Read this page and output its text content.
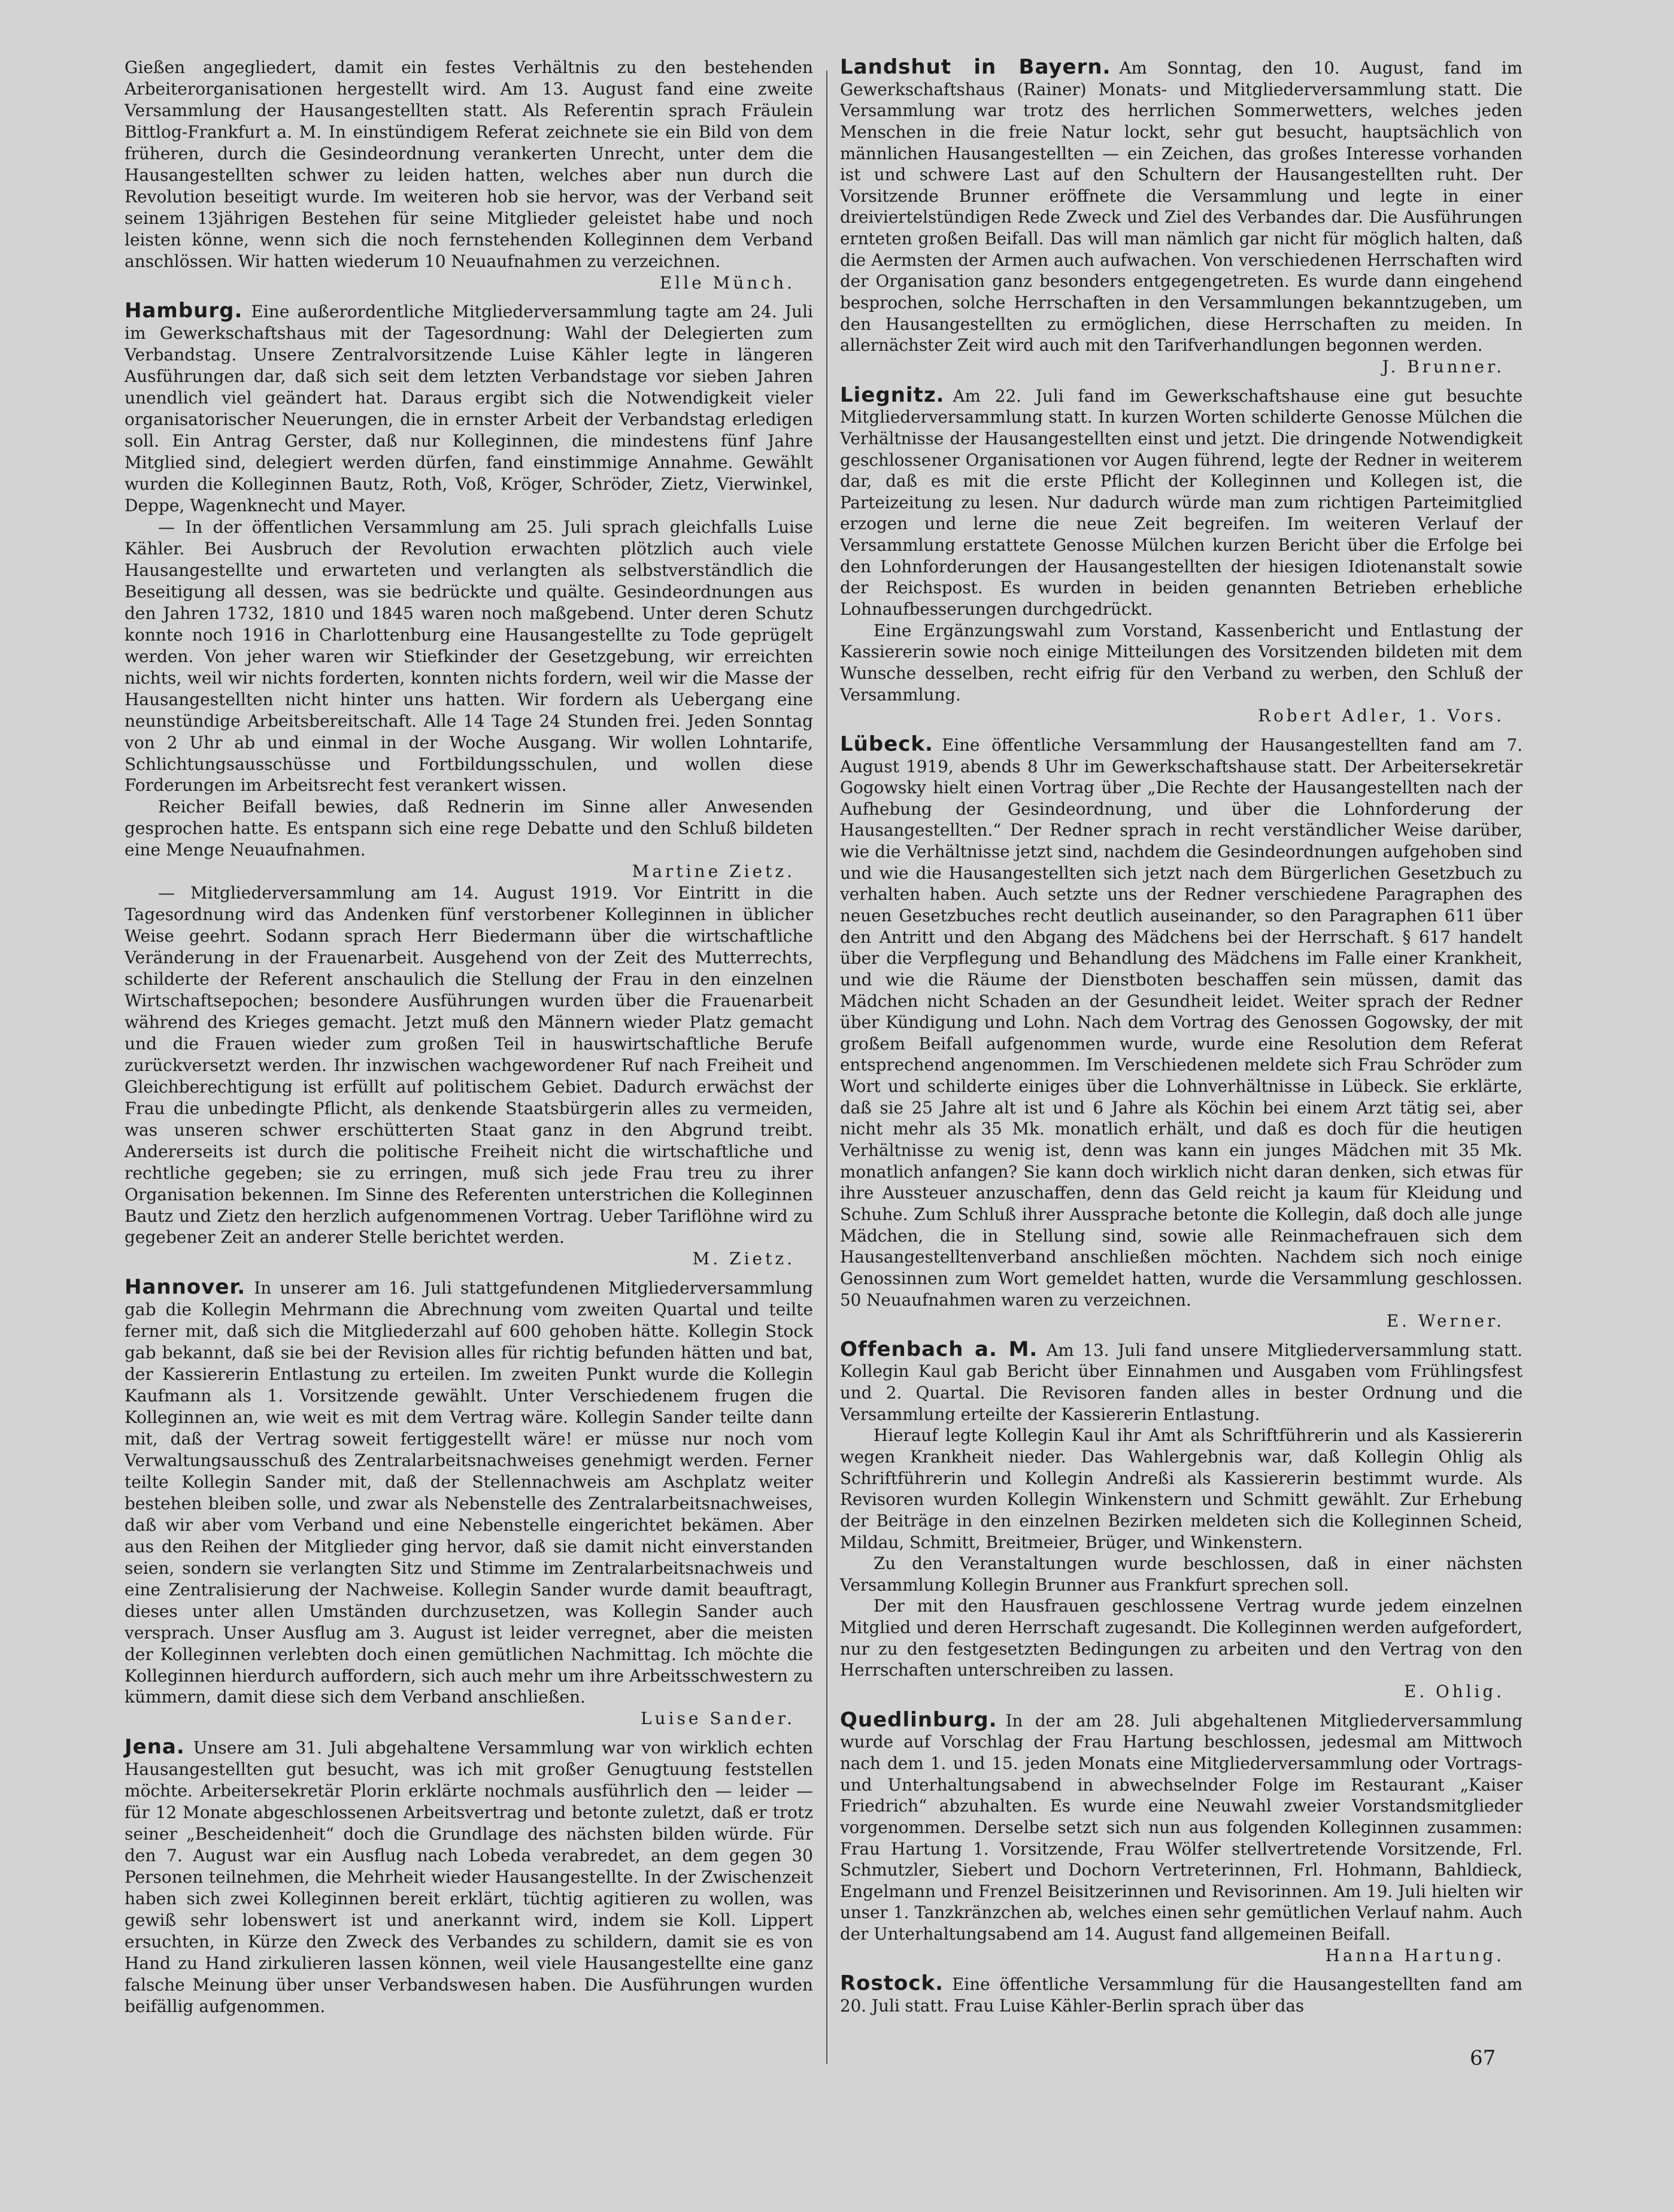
Gießen angegliedert, damit ein festes Verhältnis zu den bestehenden Arbeiterorganisationen hergestellt wird. Am 13. August fand eine zweite Versammlung der Hausangestellten statt. Als Referentin sprach Fräulein Bittlog-Frankfurt a. M. In einstündigem Referat zeichnete sie ein Bild von dem früheren, durch die Gesindeordnung verankerten Unrecht, unter dem die Hausangestellten schwer zu leiden hatten, welches aber nun durch die Revolution beseitigt wurde. Im weiteren hob sie hervor, was der Verband seit seinem 13jährigen Bestehen für seine Mitglieder geleistet habe und noch leisten könne, wenn sich die noch fernstehenden Kolleginnen dem Verband anschlössen. Wir hatten wiederum 10 Neuaufnahmen zu verzeichnen.

Elle Münch.

Hamburg. Eine außerordentliche Mitgliederversammlung tagte am 24. Juli im Gewerkschaftshaus mit der Tagesordnung: Wahl der Delegierten zum Verbandstag. Unsere Zentralvorsitzende Luise Kähler legte in längeren Ausführungen dar, daß sich seit dem letzten Verbandstage vor sieben Jahren unendlich viel geändert hat. Daraus ergibt sich die Notwendigkeit vieler organisatorischer Neuerungen, die in ernster Arbeit der Verbandstag erledigen soll. Ein Antrag Gerster, daß nur Kolleginnen, die mindestens fünf Jahre Mitglied sind, delegiert werden dürfen, fand einstimmige Annahme. Gewählt wurden die Kolleginnen Bautz, Roth, Voß, Kröger, Schröder, Zietz, Vierwinkel, Deppe, Wagenknecht und Mayer.

— In der öffentlichen Versammlung am 25. Juli sprach gleichfalls Luise Kähler. Bei Ausbruch der Revolution erwachten plötzlich auch viele Hausangestellte und erwarteten und verlangten als selbstverständlich die Beseitigung all dessen, was sie bedrückte und quälte. Gesindeordnungen aus den Jahren 1732, 1810 und 1845 waren noch maßgebend. Unter deren Schutz konnte noch 1916 in Charlottenburg eine Hausangestellte zu Tode geprügelt werden. Von jeher waren wir Stiefkinder der Gesetzgebung, wir erreichten nichts, weil wir nichts forderten, konnten nichts fordern, weil wir die Masse der Hausangestellten nicht hinter uns hatten. Wir fordern als Uebergang eine neunstündige Arbeitsbereitschaft. Alle 14 Tage 24 Stunden frei. Jeden Sonntag von 2 Uhr ab und einmal in der Woche Ausgang. Wir wollen Lohntarife, Schlichtungsausschüsse und Fortbildungsschulen, und wollen diese Forderungen im Arbeitsrecht fest verankert wissen.

Reicher Beifall bewies, daß Rednerin im Sinne aller Anwesenden gesprochen hatte. Es entspann sich eine rege Debatte und den Schluß bildeten eine Menge Neuaufnahmen.

Martine Zietz.

— Mitgliederversammlung am 14. August 1919. Vor Eintritt in die Tagesordnung wird das Andenken fünf verstorbener Kolleginnen in üblicher Weise geehrt. Sodann sprach Herr Biedermann über die wirtschaftliche Veränderung in der Frauenarbeit. Ausgehend von der Zeit des Mutterrechts, schilderte der Referent anschaulich die Stellung der Frau in den einzelnen Wirtschaftsepochen; besondere Ausführungen wurden über die Frauenarbeit während des Krieges gemacht. Jetzt muß den Männern wieder Platz gemacht und die Frauen wieder zum großen Teil in hauswirtschaftliche Berufe zurückversetzt werden. Ihr inzwischen wachgewordener Ruf nach Freiheit und Gleichberechtigung ist erfüllt auf politischem Gebiet. Dadurch erwächst der Frau die unbedingte Pflicht, als denkende Staatsbürgerin alles zu vermeiden, was unseren schwer erschütterten Staat ganz in den Abgrund treibt. Andererseits ist durch die politische Freiheit nicht die wirtschaftliche und rechtliche gegeben; sie zu erringen, muß sich jede Frau treu zu ihrer Organisation bekennen. Im Sinne des Referenten unterstrichen die Kolleginnen Bautz und Zietz den herzlich aufgenommenen Vortrag. Ueber Tariflöhne wird zu gegebener Zeit an anderer Stelle berichtet werden.

M. Zietz.

Hannover. In unserer am 16. Juli stattgefundenen Mitgliederversammlung gab die Kollegin Mehrmann die Abrechnung vom zweiten Quartal und teilte ferner mit, daß sich die Mitgliederzahl auf 600 gehoben hätte. Kollegin Stock gab bekannt, daß sie bei der Revision alles für richtig befunden hätten und bat, der Kassiererin Entlastung zu erteilen. Im zweiten Punkt wurde die Kollegin Kaufmann als 1. Vorsitzende gewählt. Unter Verschiedenem frugen die Kolleginnen an, wie weit es mit dem Vertrag wäre. Kollegin Sander teilte dann mit, daß der Vertrag soweit fertiggestellt wäre! er müsse nur noch vom Verwaltungsausschuß des Zentralarbeitsnachweises genehmigt werden. Ferner teilte Kollegin Sander mit, daß der Stellennachweis am Aschplatz weiter bestehen bleiben solle, und zwar als Nebenstelle des Zentralarbeitsnachweises, daß wir aber vom Verband und eine Nebenstelle eingerichtet bekämen. Aber aus den Reihen der Mitglieder ging hervor, daß sie damit nicht einverstanden seien, sondern sie verlangten Sitz und Stimme im Zentralarbeitsnachweis und eine Zentralisierung der Nachweise. Kollegin Sander wurde damit beauftragt, dieses unter allen Umständen durchzusetzen, was Kollegin Sander auch versprach. Unser Ausflug am 3. August ist leider verregnet, aber die meisten der Kolleginnen verlebten doch einen gemütlichen Nachmittag. Ich möchte die Kolleginnen hierdurch auffordern, sich auch mehr um ihre Arbeitsschwestern zu kümmern, damit diese sich dem Verband anschließen.

Luise Sander.

Jena. Unsere am 31. Juli abgehaltene Versammlung war von wirklich echten Hausangestellten gut besucht, was ich mit großer Genugtuung feststellen möchte. Arbeitersekretär Plorin erklärte nochmals ausführlich den — leider — für 12 Monate abgeschlossenen Arbeitsvertrag und betonte zuletzt, daß er trotz seiner „Bescheidenheit“ doch die Grundlage des nächsten bilden würde. Für den 7. August war ein Ausflug nach Lobeda verabredet, an dem gegen 30 Personen teilnehmen, die Mehrheit wieder Hausangestellte. In der Zwischenzeit haben sich zwei Kolleginnen bereit erklärt, tüchtig agitieren zu wollen, was gewiß sehr lobenswert ist und anerkannt wird, indem sie Koll. Lippert ersuchten, in Kürze den Zweck des Verbandes zu schildern, damit sie es von Hand zu Hand zirkulieren lassen können, weil viele Hausangestellte eine ganz falsche Meinung über unser Verbandswesen haben. Die Ausführungen wurden beifällig aufgenommen.

Landshut in Bayern. Am Sonntag, den 10. August, fand im Gewerkschaftshaus (Rainer) Monats- und Mitgliederversammlung statt. Die Versammlung war trotz des herrlichen Sommerwetters, welches jeden Menschen in die freie Natur lockt, sehr gut besucht, hauptsächlich von männlichen Hausangestellten — ein Zeichen, das großes Interesse vorhanden ist und schwere Last auf den Schultern der Hausangestellten ruht. Der Vorsitzende Brunner eröffnete die Versammlung und legte in einer dreiviertelstündigen Rede Zweck und Ziel des Verbandes dar. Die Ausführungen ernteten großen Beifall. Das will man nämlich gar nicht für möglich halten, daß die Aermsten der Armen auch aufwachen. Von verschiedenen Herrschaften wird der Organisation ganz besonders entgegengetreten. Es wurde dann eingehend besprochen, solche Herrschaften in den Versammlungen bekanntzugeben, um den Hausangestellten zu ermöglichen, diese Herrschaften zu meiden. In allernächster Zeit wird auch mit den Tarifverhandlungen begonnen werden.

J. Brunner.

Liegnitz. Am 22. Juli fand im Gewerkschaftshause eine gut besuchte Mitgliederversammlung statt. In kurzen Worten schilderte Genosse Mülchen die Verhältnisse der Hausangestellten einst und jetzt. Die dringende Notwendigkeit geschlossener Organisationen vor Augen führend, legte der Redner in weiterem dar, daß es mit die erste Pflicht der Kolleginnen und Kollegen ist, die Parteizeitung zu lesen. Nur dadurch würde man zum richtigen Parteimitglied erzogen und lerne die neue Zeit begreifen. Im weiteren Verlauf der Versammlung erstattete Genosse Mülchen kurzen Bericht über die Erfolge bei den Lohnforderungen der Hausangestellten der hiesigen Idiotenanstalt sowie der Reichspost. Es wurden in beiden genannten Betrieben erhebliche Lohnaufbesserungen durchgedrückt.

Eine Ergänzungswahl zum Vorstand, Kassenbericht und Entlastung der Kassiererin sowie noch einige Mitteilungen des Vorsitzenden bildeten mit dem Wunsche desselben, recht eifrig für den Verband zu werben, den Schluß der Versammlung.

Robert Adler, 1. Vors.

Lübeck. Eine öffentliche Versammlung der Hausangestellten fand am 7. August 1919, abends 8 Uhr im Gewerkschaftshause statt. Der Arbeitersekretär Gogowsky hielt einen Vortrag über „Die Rechte der Hausangestellten nach der Aufhebung der Gesindeordnung, und über die Lohnforderung der Hausangestellten.“ Der Redner sprach in recht verständlicher Weise darüber, wie die Verhältnisse jetzt sind, nachdem die Gesindeordnungen aufgehoben sind und wie die Hausangestellten sich jetzt nach dem Bürgerlichen Gesetzbuch zu verhalten haben. Auch setzte uns der Redner verschiedene Paragraphen des neuen Gesetzbuches recht deutlich auseinander, so den Paragraphen 611 über den Antritt und den Abgang des Mädchens bei der Herrschaft. § 617 handelt über die Verpflegung und Behandlung des Mädchens im Falle einer Krankheit, und wie die Räume der Dienstboten beschaffen sein müssen, damit das Mädchen nicht Schaden an der Gesundheit leidet. Weiter sprach der Redner über Kündigung und Lohn. Nach dem Vortrag des Genossen Gogowsky, der mit großem Beifall aufgenommen wurde, wurde eine Resolution dem Referat entsprechend angenommen. Im Verschiedenen meldete sich Frau Schröder zum Wort und schilderte einiges über die Lohnverhältnisse in Lübeck. Sie erklärte, daß sie 25 Jahre alt ist und 6 Jahre als Köchin bei einem Arzt tätig sei, aber nicht mehr als 35 Mk. monatlich erhält, und daß es doch für die heutigen Verhältnisse zu wenig ist, denn was kann ein junges Mädchen mit 35 Mk. monatlich anfangen? Sie kann doch wirklich nicht daran denken, sich etwas für ihre Aussteuer anzuschaffen, denn das Geld reicht ja kaum für Kleidung und Schuhe. Zum Schluß ihrer Aussprache betonte die Kollegin, daß doch alle junge Mädchen, die in Stellung sind, sowie alle Reinmachefrauen sich dem Hausangestelltenverband anschließen möchten. Nachdem sich noch einige Genossinnen zum Wort gemeldet hatten, wurde die Versammlung geschlossen. 50 Neuaufnahmen waren zu verzeichnen.

E. Werner.

Offenbach a. M. Am 13. Juli fand unsere Mitgliederversammlung statt. Kollegin Kaul gab Bericht über Einnahmen und Ausgaben vom Frühlingsfest und 2. Quartal. Die Revisoren fanden alles in bester Ordnung und die Versammlung erteilte der Kassiererin Entlastung.

Hierauf legte Kollegin Kaul ihr Amt als Schriftführerin und als Kassiererin wegen Krankheit nieder. Das Wahlergebnis war, daß Kollegin Ohlig als Schriftführerin und Kollegin Andreßi als Kassiererin bestimmt wurde. Als Revisoren wurden Kollegin Winkenstern und Schmitt gewählt. Zur Erhebung der Beiträge in den einzelnen Bezirken meldeten sich die Kolleginnen Scheid, Mildau, Schmitt, Breitmeier, Brüger, und Winkenstern.

Zu den Veranstaltungen wurde beschlossen, daß in einer nächsten Versammlung Kollegin Brunner aus Frankfurt sprechen soll.

Der mit den Hausfrauen geschlossene Vertrag wurde jedem einzelnen Mitglied und deren Herrschaft zugesandt. Die Kolleginnen werden aufgefordert, nur zu den festgesetzten Bedingungen zu arbeiten und den Vertrag von den Herrschaften unterschreiben zu lassen.

E. Ohlig.

Quedlinburg. In der am 28. Juli abgehaltenen Mitgliederversammlung wurde auf Vorschlag der Frau Hartung beschlossen, jedesmal am Mittwoch nach dem 1. und 15. jeden Monats eine Mitgliederversammlung oder Vortrags- und Unterhaltungsabend in abwechselnder Folge im Restaurant „Kaiser Friedrich“ abzuhalten. Es wurde eine Neuwahl zweier Vorstandsmitglieder vorgenommen. Derselbe setzt sich nun aus folgenden Kolleginnen zusammen: Frau Hartung 1. Vorsitzende, Frau Wölfer stellvertretende Vorsitzende, Frl. Schmutzler, Siebert und Dochorn Vertreterinnen, Frl. Hohmann, Bahldieck, Engelmann und Frenzel Beisitzerinnen und Revisorinnen. Am 19. Juli hielten wir unser 1. Tanzkränzchen ab, welches einen sehr gemütlichen Verlauf nahm. Auch der Unterhaltungsabend am 14. August fand allgemeinen Beifall.

Hanna Hartung.

Rostock. Eine öffentliche Versammlung für die Hausangestellten fand am 20. Juli statt. Frau Luise Kähler-Berlin sprach über das

67
